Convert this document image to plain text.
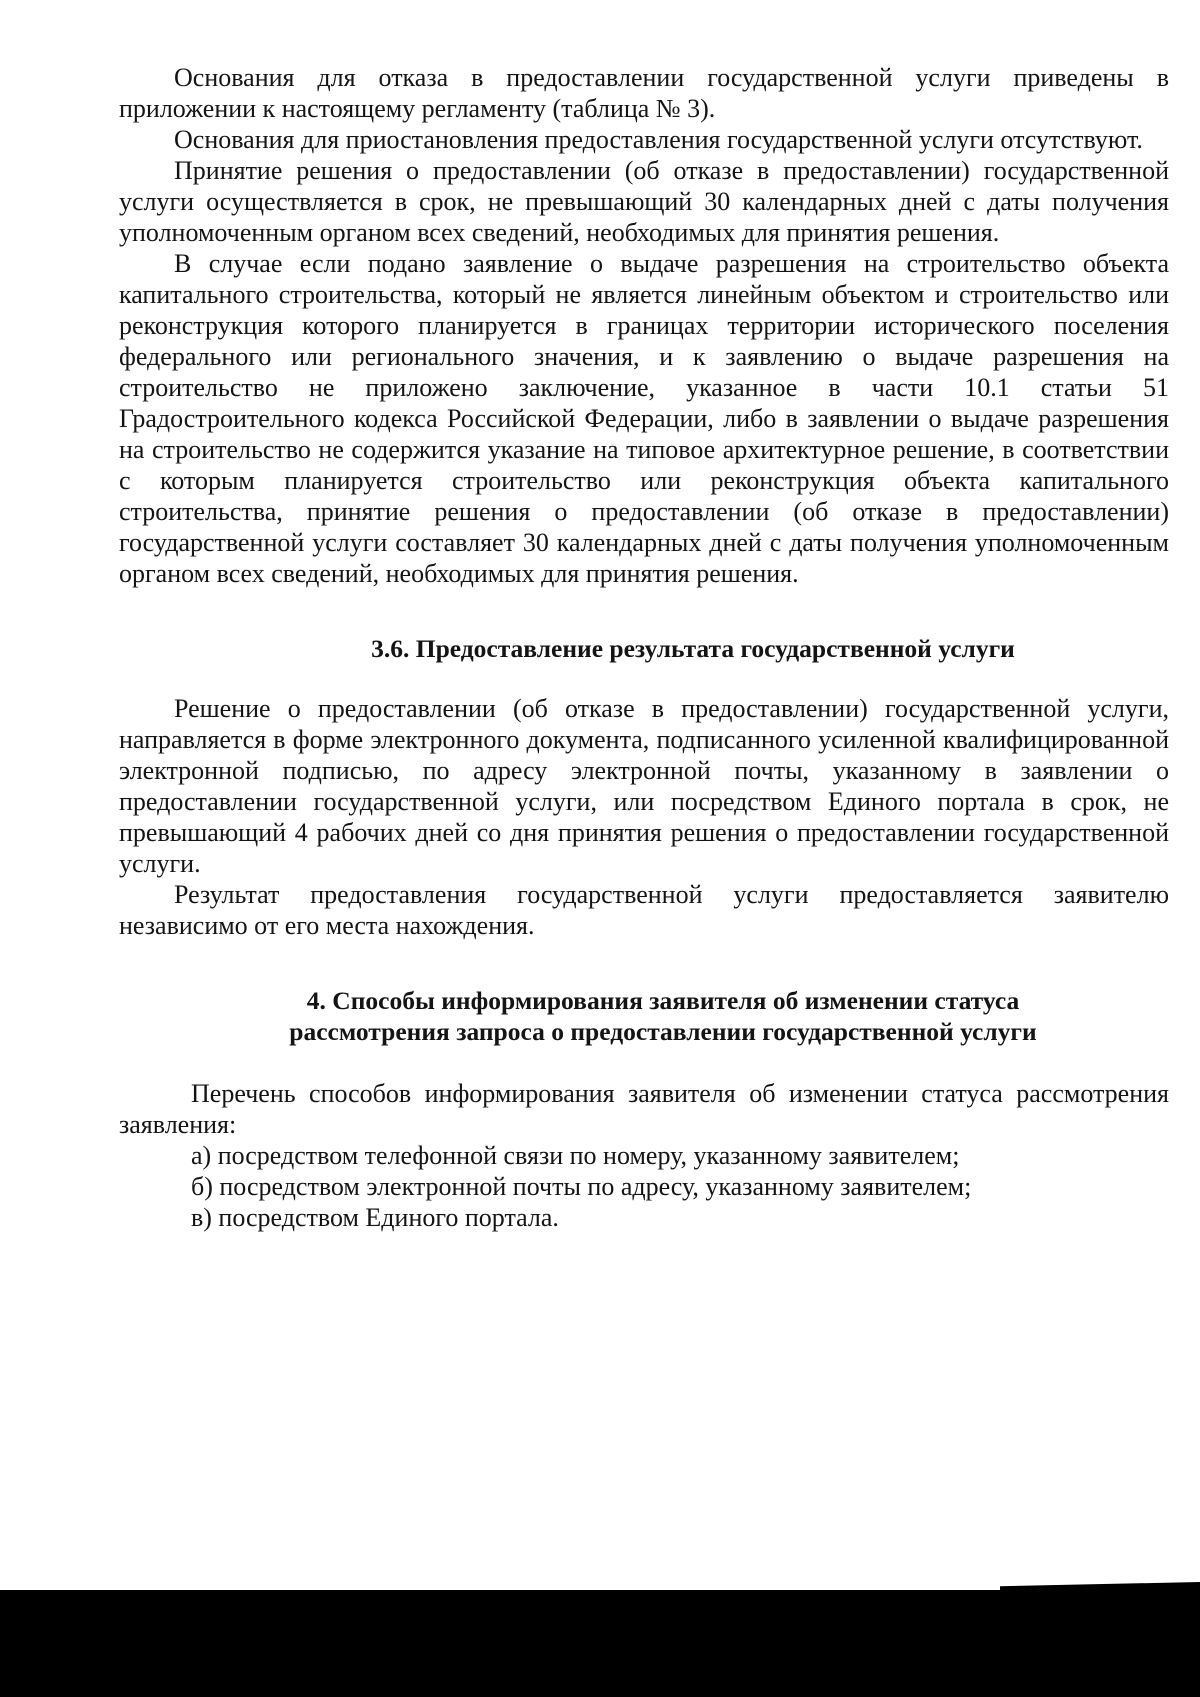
Основания для отказа в предоставлении государственной услуги приведены в приложении к настоящему регламенту (таблица № 3).

Основания для приостановления предоставления государственной услуги отсутствуют.

Принятие решения о предоставлении (об отказе в предоставлении) государственной услуги осуществляется в срок, не превышающий 30 календарных дней с даты получения уполномоченным органом всех сведений, необходимых для принятия решения.

В случае если подано заявление о выдаче разрешения на строительство объекта капитального строительства, который не является линейным объектом и строительство или реконструкция которого планируется в границах территории исторического поселения федерального или регионального значения, и к заявлению о выдаче разрешения на строительство не приложено заключение, указанное в части 10.1 статьи 51 Градостроительного кодекса Российской Федерации, либо в заявлении о выдаче разрешения на строительство не содержится указание на типовое архитектурное решение, в соответствии с которым планируется строительство или реконструкция объекта капитального строительства, принятие решения о предоставлении (об отказе в предоставлении) государственной услуги составляет 30 календарных дней с даты получения уполномоченным органом всех сведений, необходимых для принятия решения.

3.6. Предоставление результата государственной услуги

Решение о предоставлении (об отказе в предоставлении) государственной услуги, направляется в форме электронного документа, подписанного усиленной квалифицированной электронной подписью, по адресу электронной почты, указанному в заявлении о предоставлении государственной услуги, или посредством Единого портала в срок, не превышающий 4 рабочих дней со дня принятия решения о предоставлении государственной услуги.

Результат предоставления государственной услуги предоставляется заявителю независимо от его места нахождения.

4. Способы информирования заявителя об изменении статуса
рассмотрения запроса о предоставлении государственной услуги

Перечень способов информирования заявителя об изменении статуса рассмотрения заявления:

а) посредством телефонной связи по номеру, указанному заявителем;

б) посредством электронной почты по адресу, указанному заявителем;

в) посредством Единого портала.
